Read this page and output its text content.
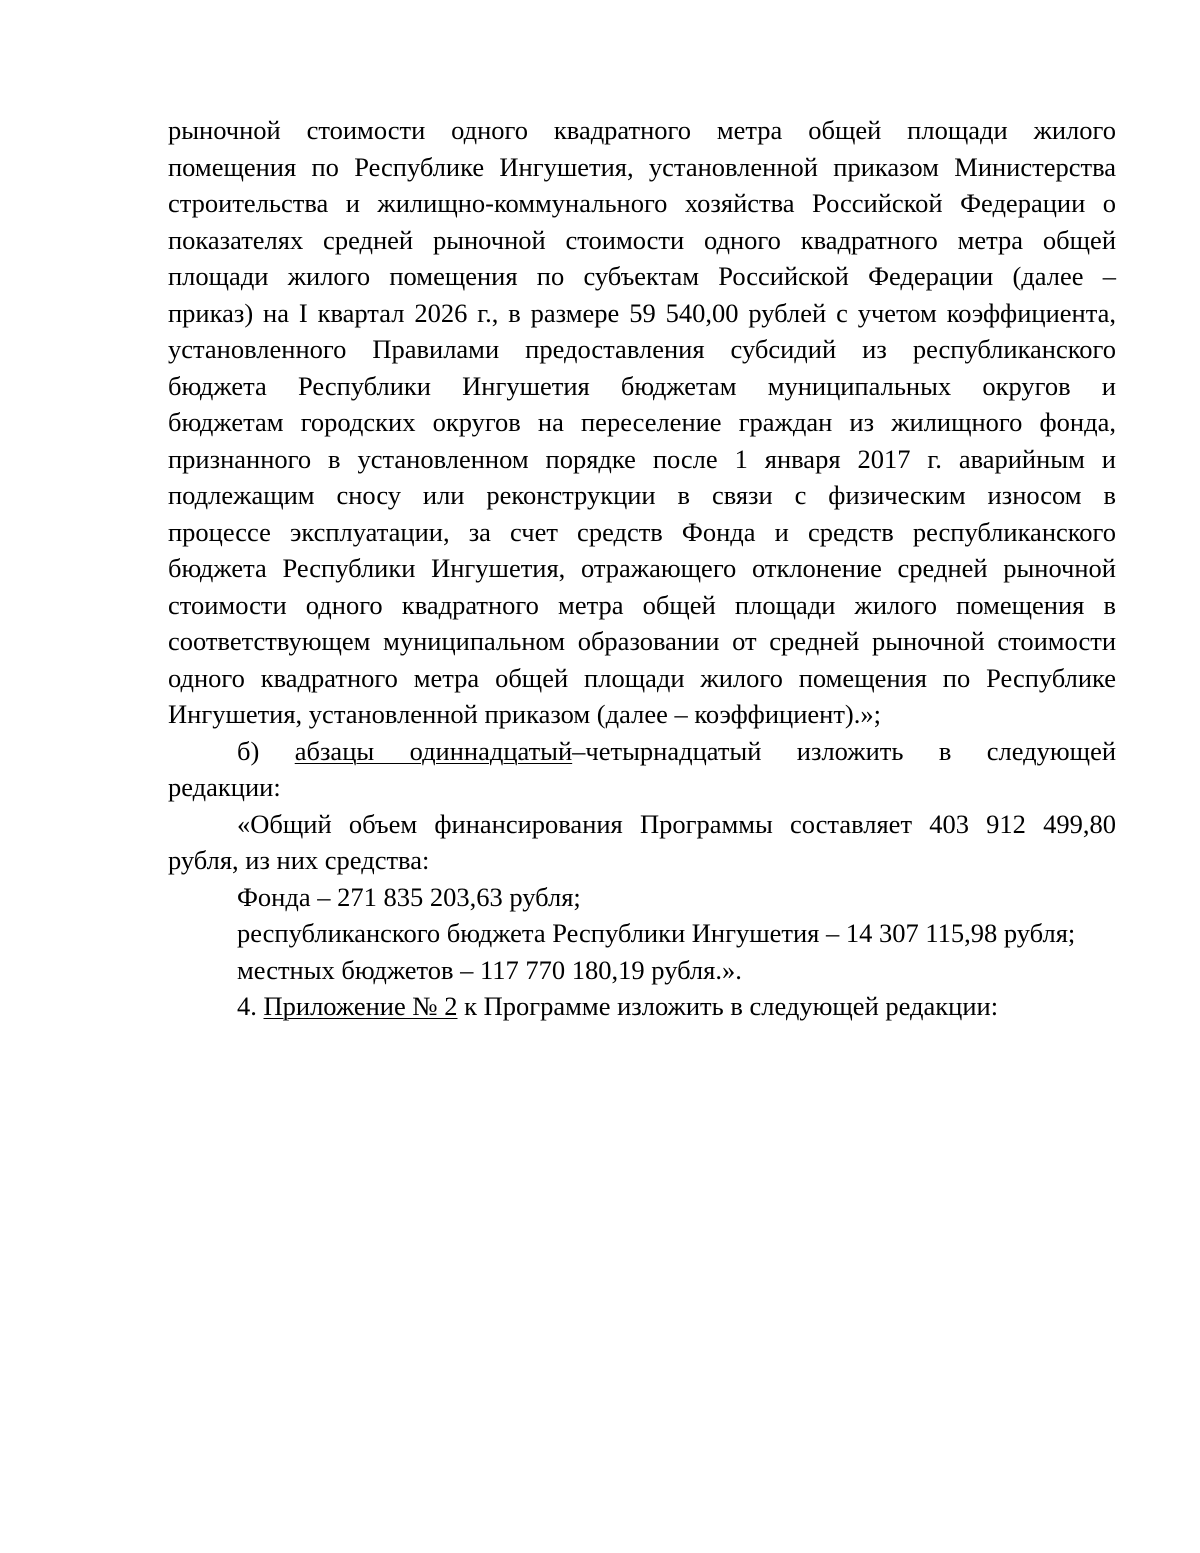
рыночной стоимости одного квадратного метра общей площади жилого
помещения по Республике Ингушетия, установленной приказом Министерства
строительства и жилищно-коммунального хозяйства Российской Федерации о
показателях средней рыночной стоимости одного квадратного метра общей
площади жилого помещения по субъектам Российской Федерации (далее –
приказ) на I квартал 2026 г., в размере 59 540,00 рублей с учетом коэффициента,
установленного Правилами предоставления субсидий из республиканского
бюджета Республики Ингушетия бюджетам муниципальных округов и
бюджетам городских округов на переселение граждан из жилищного фонда,
признанного в установленном порядке после 1 января 2017 г. аварийным и
подлежащим сносу или реконструкции в связи с физическим износом в
процессе эксплуатации, за счет средств Фонда и средств республиканского
бюджета Республики Ингушетия, отражающего отклонение средней рыночной
стоимости одного квадратного метра общей площади жилого помещения в
соответствующем муниципальном образовании от средней рыночной стоимости
одного квадратного метра общей площади жилого помещения по Республике
Ингушетия, установленной приказом (далее – коэффициент).»;
б) абзацы одиннадцатый–четырнадцатый изложить в следующей
редакции:
«Общий объем финансирования Программы составляет 403 912 499,80
рубля, из них средства:
Фонда – 271 835 203,63 рубля;
республиканского бюджета Республики Ингушетия – 14 307 115,98 рубля;
местных бюджетов – 117 770 180,19 рубля.».
4. Приложение № 2 к Программе изложить в следующей редакции:
